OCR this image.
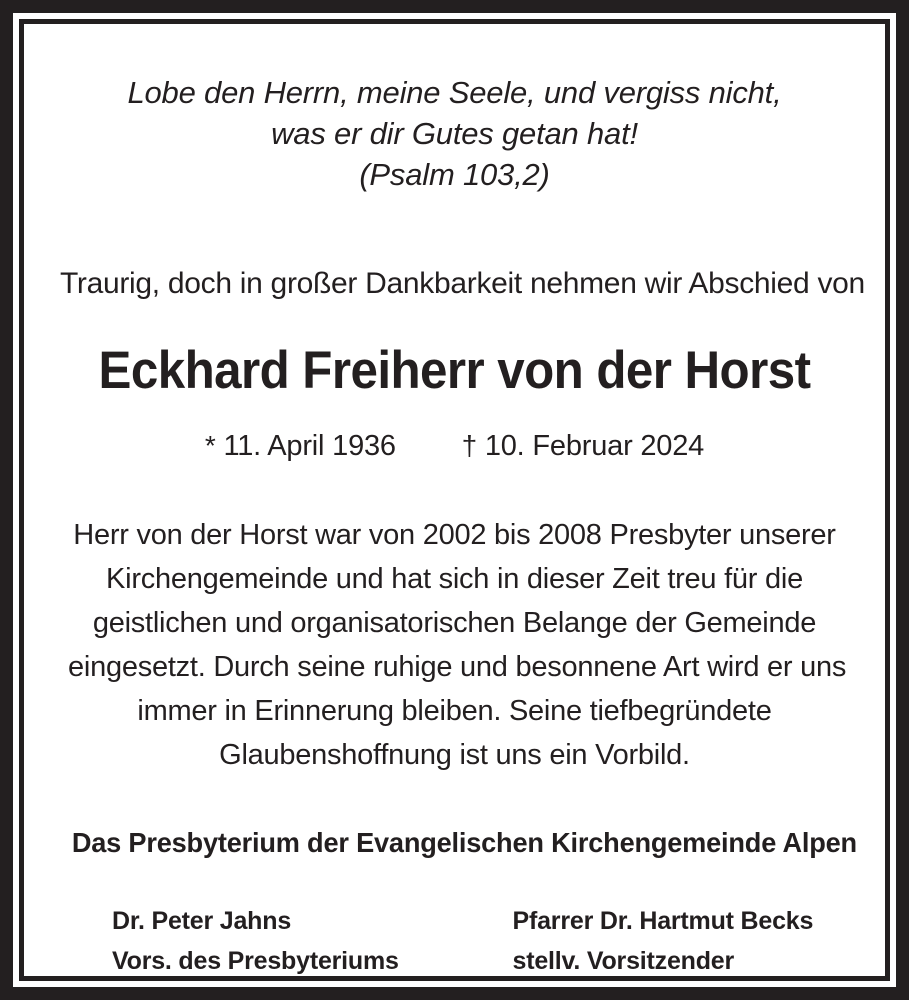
Lobe den Herrn, meine Seele, und vergiss nicht,
was er dir Gutes getan hat!
(Psalm 103,2)
Traurig, doch in großer Dankbarkeit nehmen wir Abschied von
Eckhard Freiherr von der Horst
* 11. April 1936 † 10. Februar 2024
Herr von der Horst war von 2002 bis 2008 Presbyter unserer
Kirchengemeinde und hat sich in dieser Zeit treu für die
geistlichen und organisatorischen Belange der Gemeinde
eingesetzt. Durch seine ruhige und besonnene Art wird er uns
immer in Erinnerung bleiben. Seine tiefbegründete
Glaubenshoffnung ist uns ein Vorbild.
Das Presbyterium der Evangelischen Kirchengemeinde Alpen
Dr. Peter Jahns
Vors. des Presbyteriums
Pfarrer Dr. Hartmut Becks
stellv. Vorsitzender
